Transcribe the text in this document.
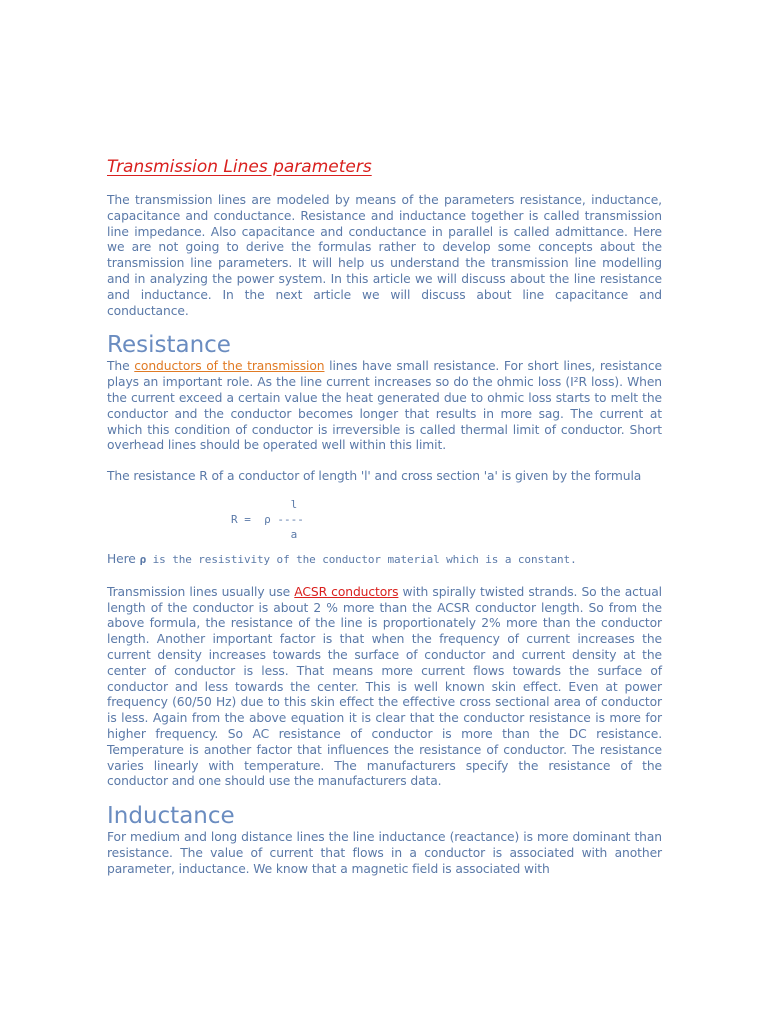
Transmission Lines parameters

The transmission lines are modeled by means of the parameters resistance, inductance, capacitance and conductance. Resistance and inductance together is called transmission line impedance. Also capacitance and conductance in parallel is called admittance. Here we are not going to derive the formulas rather to develop some concepts about the transmission line parameters. It will help us understand the transmission line modelling and in analyzing the power system. In this article we will discuss about the line resistance and inductance. In the next article we will discuss about line capacitance and conductance.

Resistance

The conductors of the transmission lines have small resistance. For short lines, resistance plays an important role. As the line current increases so do the ohmic loss (I²R loss). When the current exceed a certain value the heat generated due to ohmic loss starts to melt the conductor and the conductor becomes longer that results in more sag. The current at which this condition of conductor is irreversible is called thermal limit of conductor. Short overhead lines should be operated well within this limit.

The resistance R of a conductor of length 'l' and cross section 'a' is given by the formula

l
R =  ρ ----
a

Here ρ is the resistivity of the conductor material which is a constant.

Transmission lines usually use ACSR conductors with spirally twisted strands. So the actual length of the conductor is about 2 % more than the ACSR conductor length. So from the above formula, the resistance of the line is proportionately 2% more than the conductor length. Another important factor is that when the frequency of current increases the current density increases towards the surface of conductor and current density at the center of conductor is less. That means more current flows towards the surface of conductor and less towards the center. This is well known skin effect. Even at power frequency (60/50 Hz) due to this skin effect the effective cross sectional area of conductor is less. Again from the above equation it is clear that the conductor resistance is more for higher frequency. So AC resistance of conductor is more than the DC resistance. Temperature is another factor that influences the resistance of conductor. The resistance varies linearly with temperature. The manufacturers specify the resistance of the conductor and one should use the manufacturers data.

Inductance

For medium and long distance lines the line inductance (reactance) is more dominant than resistance. The value of current that flows in a conductor is associated with another parameter, inductance. We know that a magnetic field is associated with
